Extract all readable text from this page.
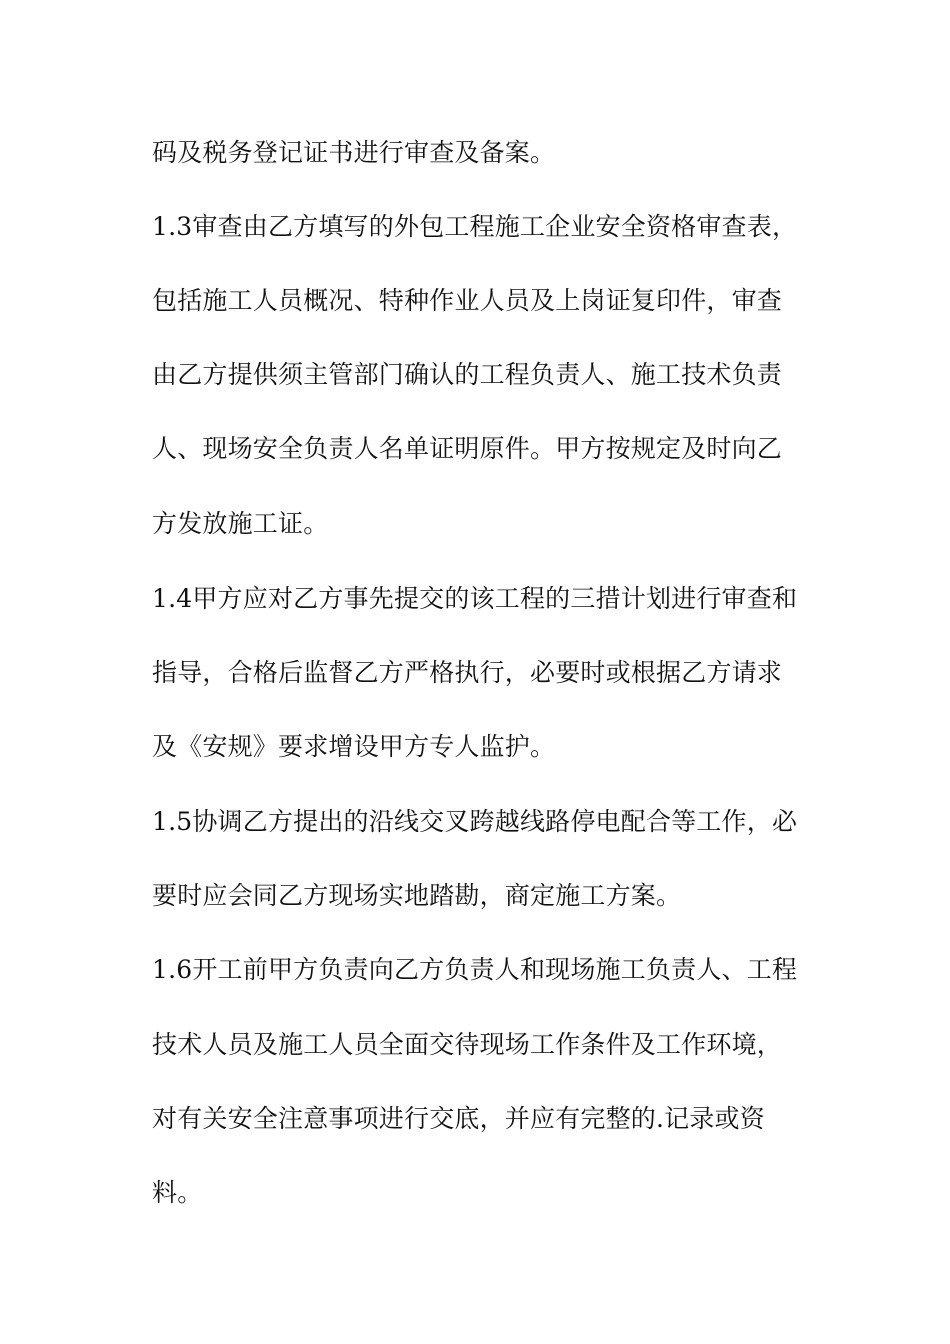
码及税务登记证书进行审查及备案。
1.3审查由乙方填写的外包工程施工企业安全资格审查表，
包括施工人员概况、特种作业人员及上岗证复印件，审查
由乙方提供须主管部门确认的工程负责人、施工技术负责
人、现场安全负责人名单证明原件。甲方按规定及时向乙
方发放施工证。
1.4甲方应对乙方事先提交的该工程的三措计划进行审查和
指导，合格后监督乙方严格执行，必要时或根据乙方请求
及《安规》要求增设甲方专人监护。
1.5协调乙方提出的沿线交叉跨越线路停电配合等工作，必
要时应会同乙方现场实地踏勘，商定施工方案。
1.6开工前甲方负责向乙方负责人和现场施工负责人、工程
技术人员及施工人员全面交待现场工作条件及工作环境，
对有关安全注意事项进行交底，并应有完整的.记录或资
料。
